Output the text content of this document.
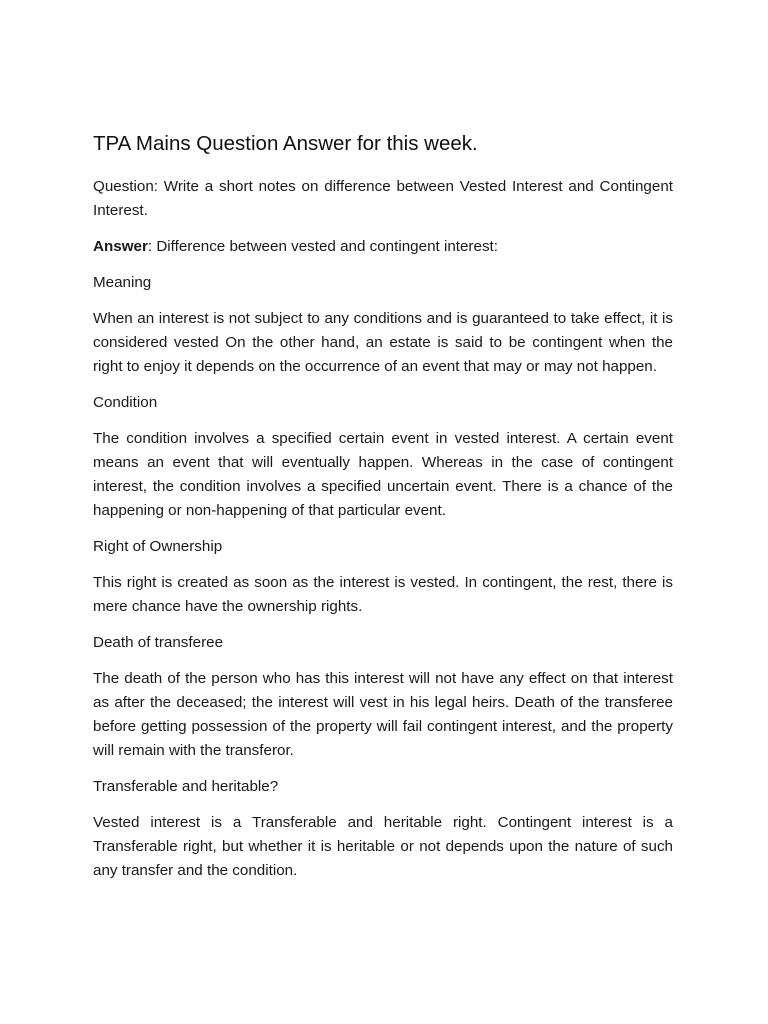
TPA Mains Question Answer for this week.

Question: Write a short notes on difference between Vested Interest and Contingent Interest.

Answer: Difference between vested and contingent interest:

Meaning

When an interest is not subject to any conditions and is guaranteed to take effect, it is considered vested On the other hand, an estate is said to be contingent when the right to enjoy it depends on the occurrence of an event that may or may not happen.

Condition

The condition involves a specified certain event in vested interest. A certain event means an event that will eventually happen. Whereas in the case of contingent interest, the condition involves a specified uncertain event. There is a chance of the happening or non-happening of that particular event.

Right of Ownership

This right is created as soon as the interest is vested. In contingent, the rest, there is mere chance have the ownership rights.

Death of transferee

The death of the person who has this interest will not have any effect on that interest as after the deceased; the interest will vest in his legal heirs. Death of the transferee before getting possession of the property will fail contingent interest, and the property will remain with the transferor.

Transferable and heritable?

Vested interest is a Transferable and heritable right. Contingent interest is a Transferable right, but whether it is heritable or not depends upon the nature of such any transfer and the condition.
